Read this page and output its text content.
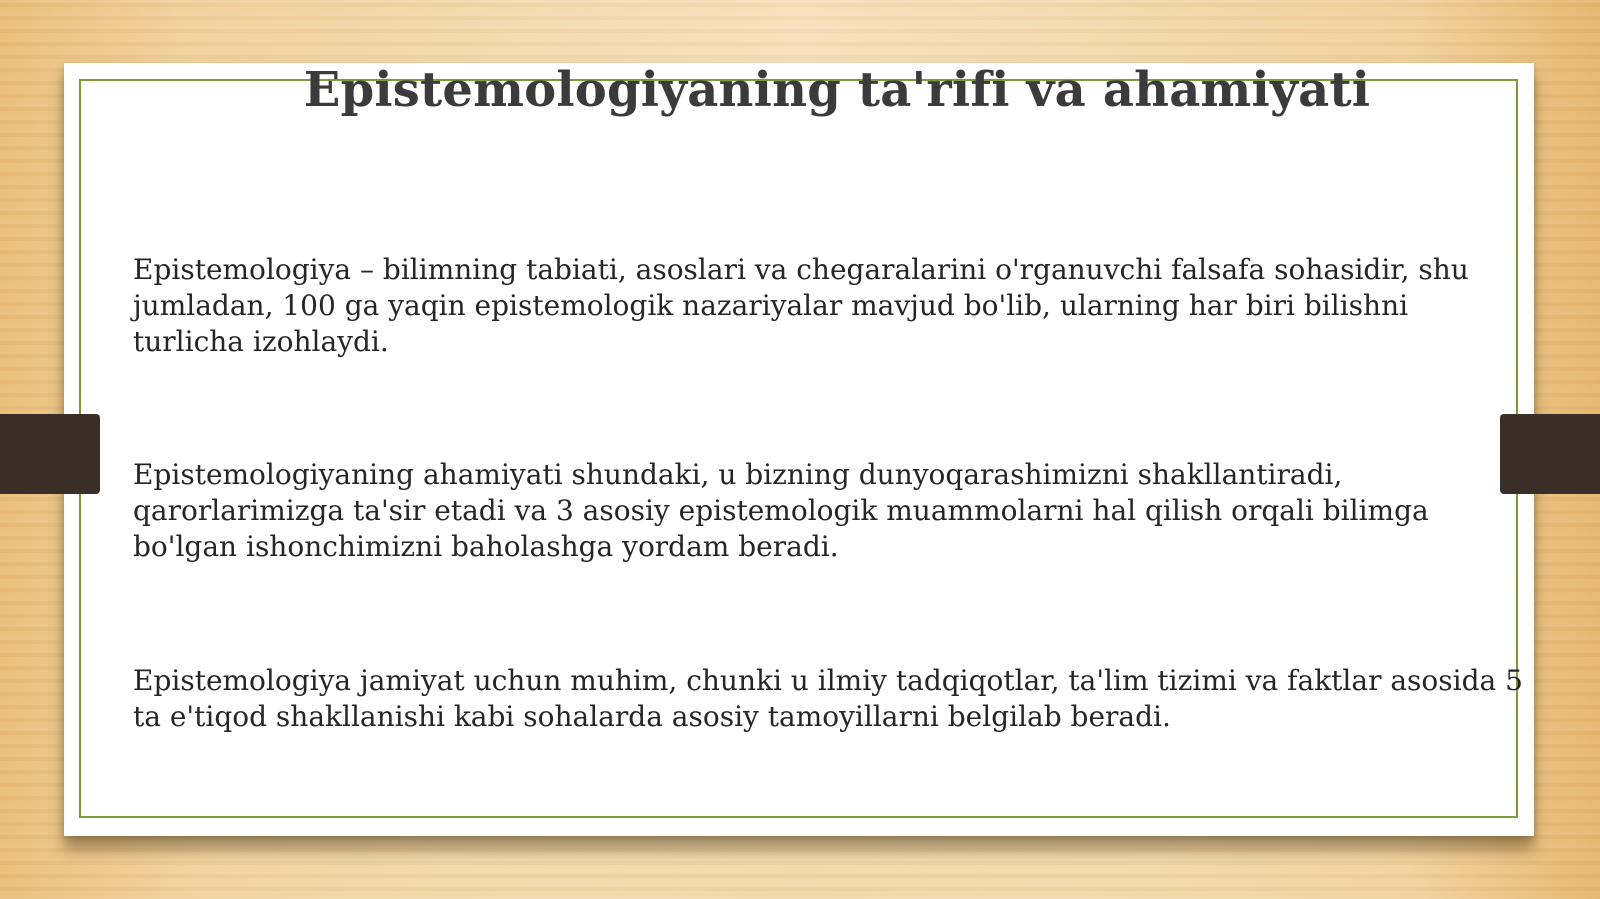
Epistemologiyaning ta'rifi va ahamiyati

Epistemologiya – bilimning tabiati, asoslari va chegaralarini o'rganuvchi falsafa sohasidir, shu jumladan, 100 ga yaqin epistemologik nazariyalar mavjud bo'lib, ularning har biri bilishni turlicha izohlaydi.

Epistemologiyaning ahamiyati shundaki, u bizning dunyoqarashimizni shakllantiradi, qarorlarimizga ta'sir etadi va 3 asosiy epistemologik muammolarni hal qilish orqali bilimga bo'lgan ishonchimizni baholashga yordam beradi.

Epistemologiya jamiyat uchun muhim, chunki u ilmiy tadqiqotlar, ta'lim tizimi va faktlar asosida 5 ta e'tiqod shakllanishi kabi sohalarda asosiy tamoyillarni belgilab beradi.
